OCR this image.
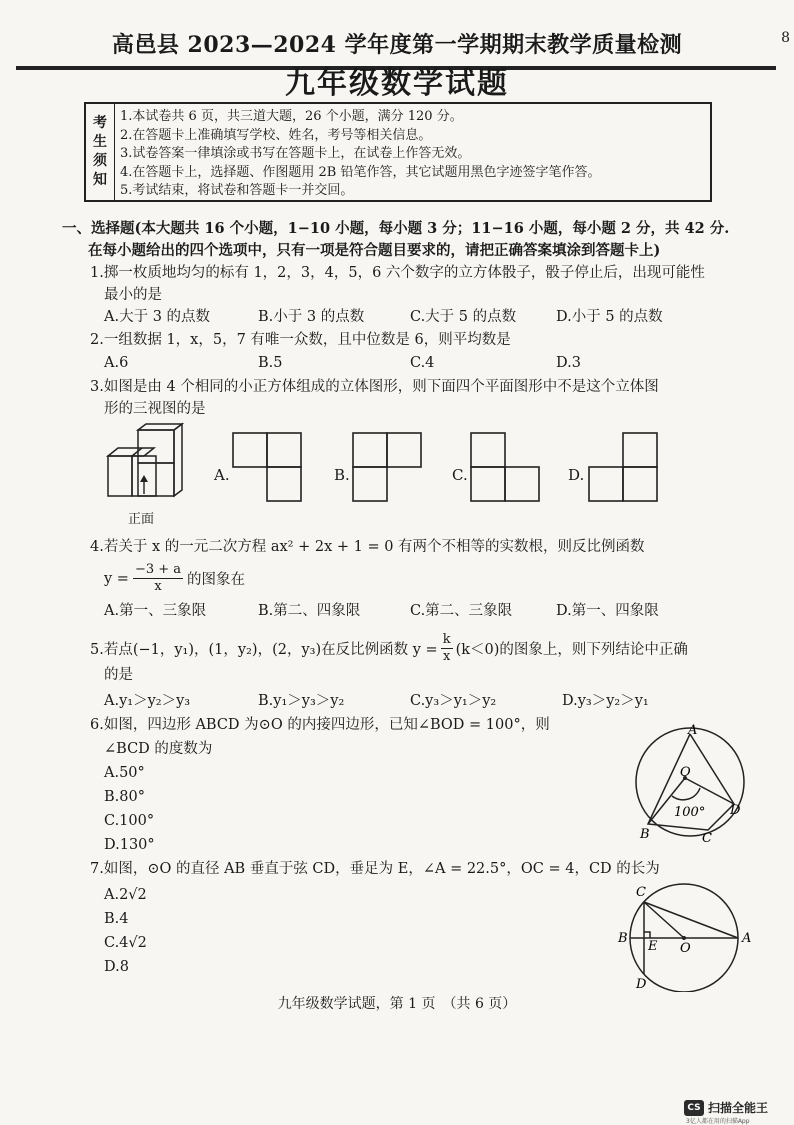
高邑县 2023—2024 学年度第一学期期末教学质量检测	8
九年级数学试题
考
生
须
知
1.本试卷共 6 页，共三道大题，26 个小题，满分 120 分。
2.在答题卡上准确填写学校、姓名，考号等相关信息。
3.试卷答案一律填涂或书写在答题卡上，在试卷上作答无效。
4.在答题卡上，选择题、作图题用 2B 铅笔作答，其它试题用黑色字迹签字笔作答。
5.考试结束，将试卷和答题卡一并交回。
一、选择题(本大题共 16 个小题，1−10 小题，每小题 3 分；11−16 小题，每小题 2 分，共 42 分.
在每小题给出的四个选项中，只有一项是符合题目要求的，请把正确答案填涂到答题卡上)
1.掷一枚质地均匀的标有 1，2，3，4，5，6 六个数字的立方体骰子，骰子停止后，出现可能性
最小的是
A.大于 3 的点数	B.小于 3 的点数	C.大于 5 的点数	D.小于 5 的点数
2.一组数据 1，x，5，7 有唯一众数，且中位数是 6，则平均数是
A.6	B.5	C.4	D.3
3.如图是由 4 个相同的小正方体组成的立体图形，则下面四个平面图形中不是这个立体图
形的三视图的是
正面
A.	B.	C.	D.
4.若关于 x 的一元二次方程 ax² + 2x + 1 = 0 有两个不相等的实数根，则反比例函数
$y = \frac{-3 + a}{x}$ 的图象在
A.第一、三象限	B.第二、四象限	C.第二、三象限	D.第一、四象限
5.若点(−1，y₁)，(1，y₂)，(2，y₃)在反比例函数 $y = \frac{k}{x} (k<0)$的图象上，则下列结论中正确
的是
A.y₁＞y₂＞y₃	B.y₁＞y₃＞y₂	C.y₃＞y₁＞y₂	D.y₃＞y₂＞y₁
6.如图，四边形 ABCD 为⊙O 的内接四边形，已知∠BOD = 100°，则
∠BCD 的度数为
A.50°
B.80°
C.100°
D.130°
A
O
B	C
D
100°
7.如图，⊙O 的直径 AB 垂直于弦 CD，垂足为 E，∠A = 22.5°，OC = 4，CD 的长为
A.2√2
B.4
C.4√2
D.8
C
B
E O
A
D
九年级数学试题，第 1 页　（共 6 页）
CS 扫描全能王
3亿人都在用的扫描App
